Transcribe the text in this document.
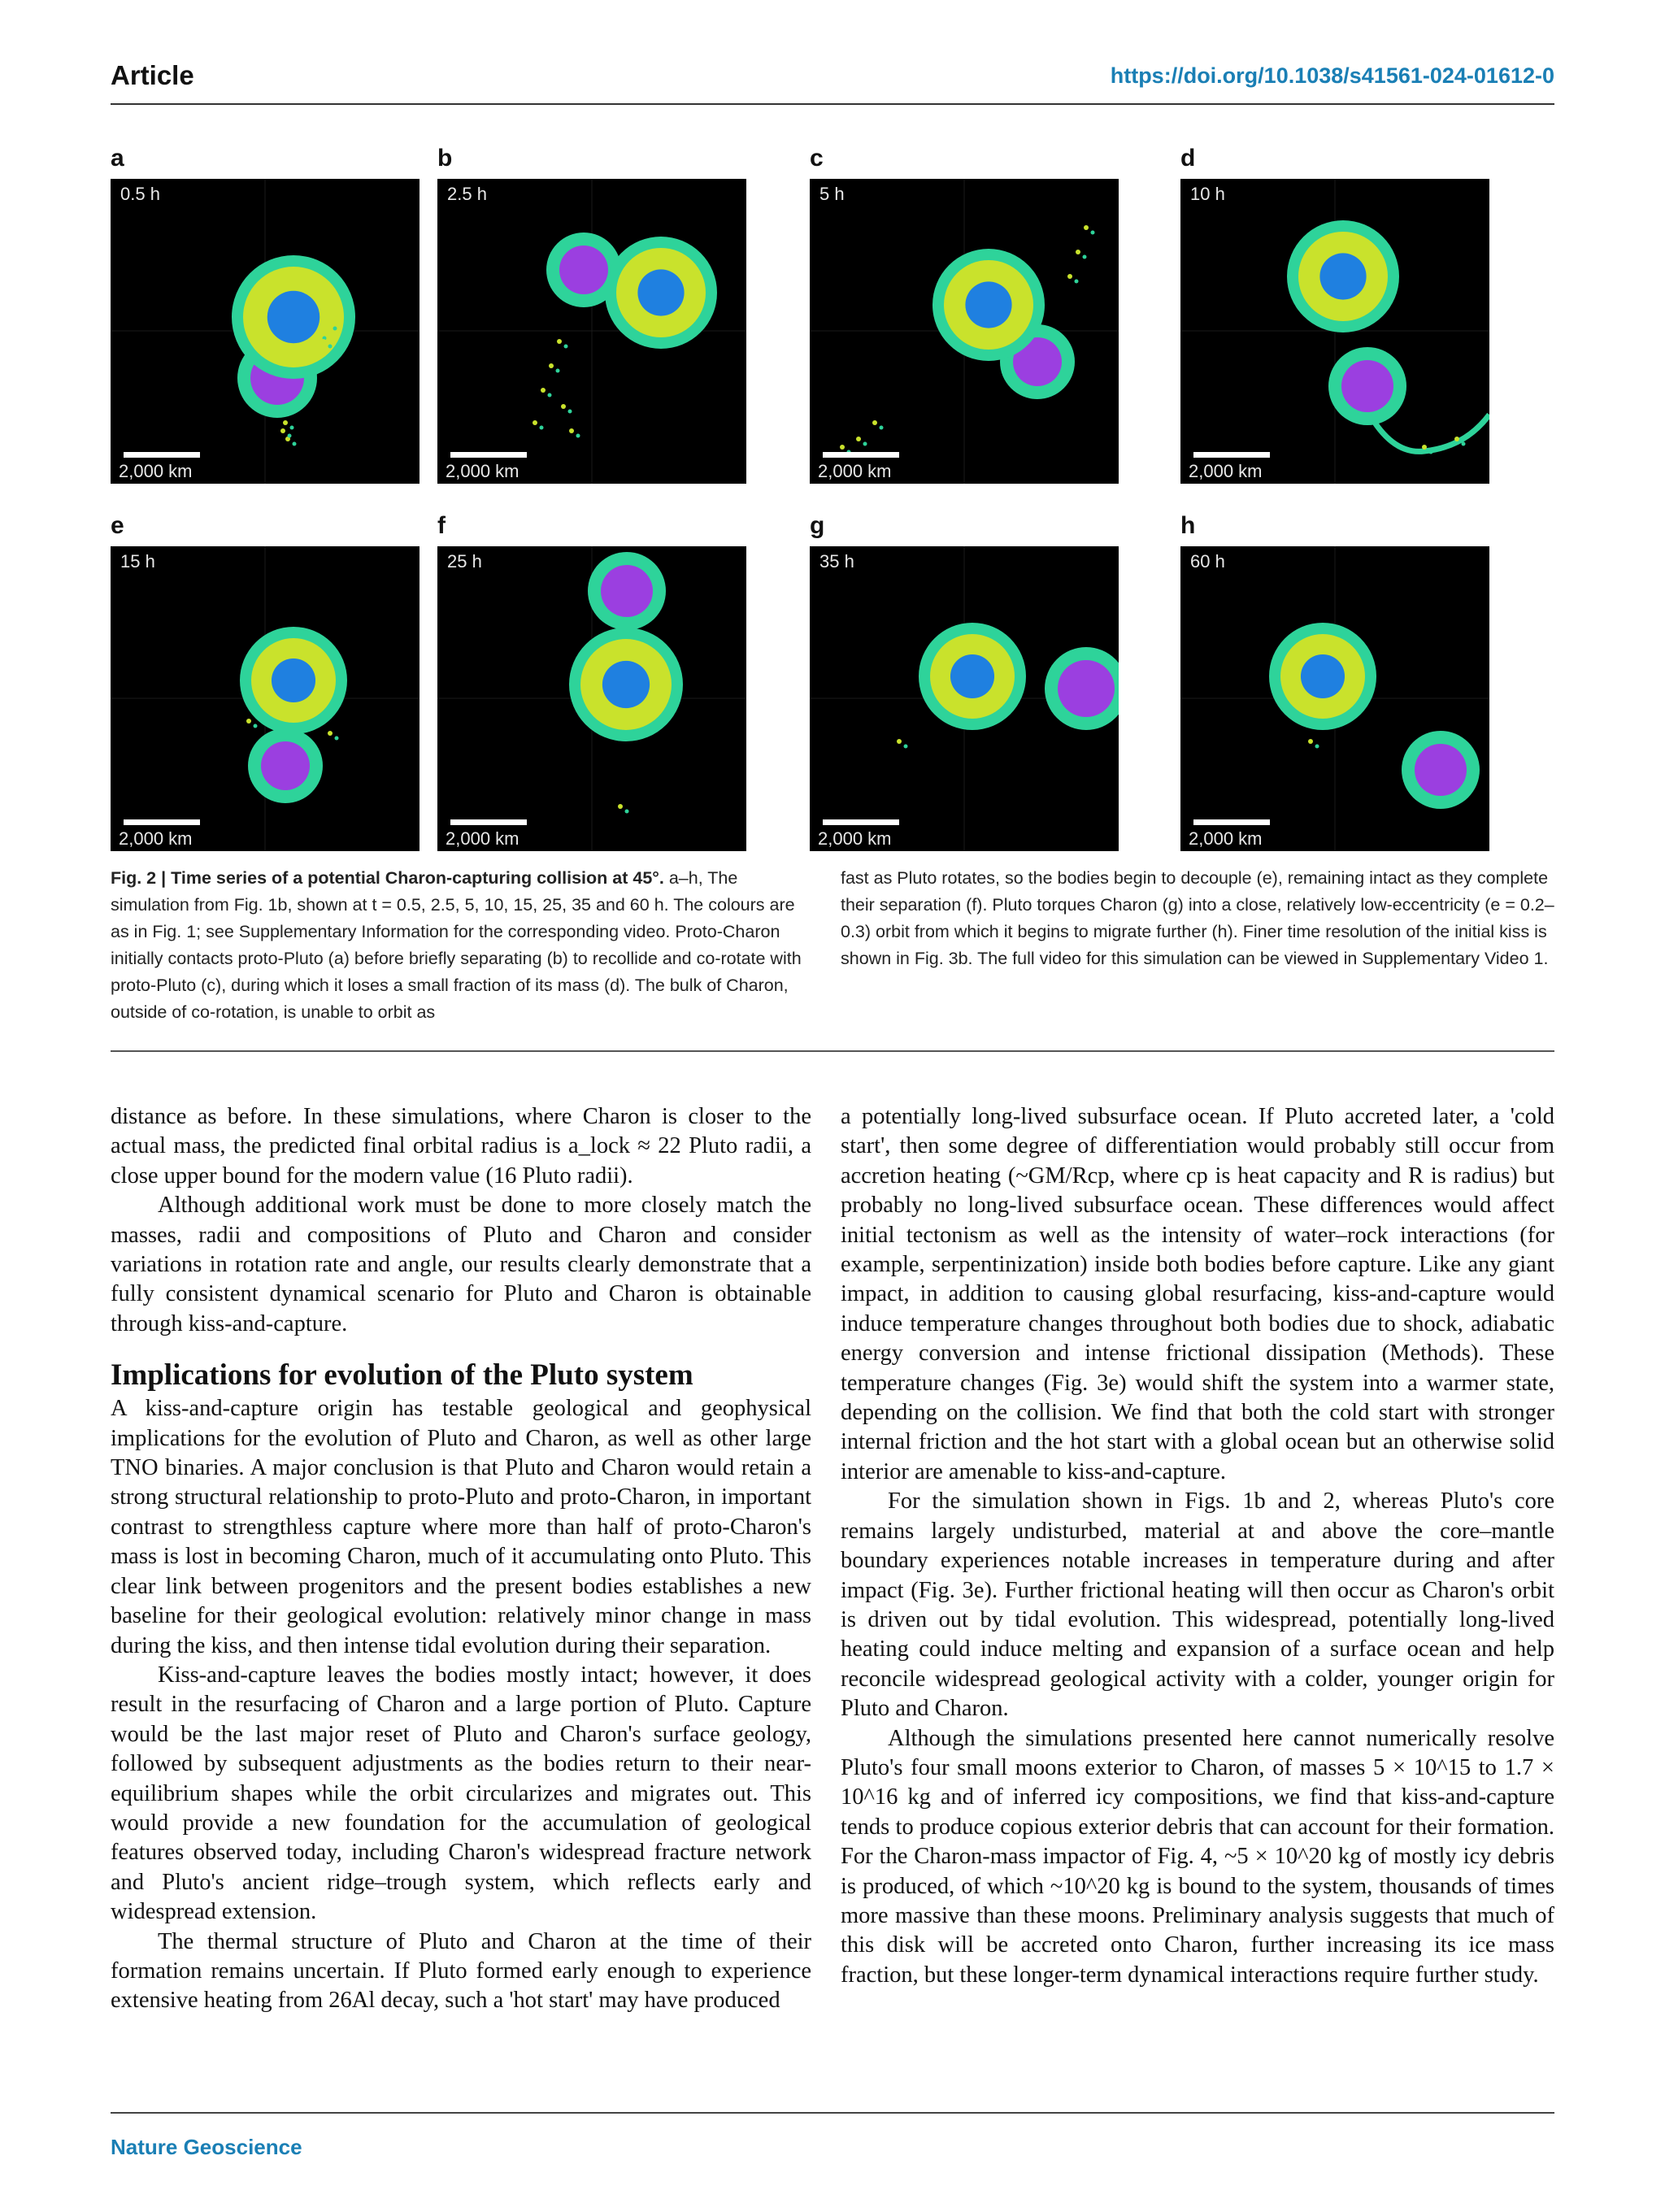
Article	https://doi.org/10.1038/s41561-024-01612-0
a
0.5 h
2,000 km
b
2.5 h
2,000 km
c
5 h
2,000 km
d
10 h
2,000 km
e
15 h
2,000 km
f
25 h
2,000 km
g
35 h
2,000 km
h
60 h
2,000 km
Fig. 2 | Time series of a potential Charon-capturing collision at 45°. a–h, The simulation from Fig. 1b, shown at t = 0.5, 2.5, 5, 10, 15, 25, 35 and 60 h. The colours are as in Fig. 1; see Supplementary Information for the corresponding video. Proto-Charon initially contacts proto-Pluto (a) before briefly separating (b) to recollide and co-rotate with proto-Pluto (c), during which it loses a small fraction of its mass (d). The bulk of Charon, outside of co-rotation, is unable to orbit as
fast as Pluto rotates, so the bodies begin to decouple (e), remaining intact as they complete their separation (f). Pluto torques Charon (g) into a close, relatively low-eccentricity (e = 0.2–0.3) orbit from which it begins to migrate further (h). Finer time resolution of the initial kiss is shown in Fig. 3b. The full video for this simulation can be viewed in Supplementary Video 1.

distance as before. In these simulations, where Charon is closer to the actual mass, the predicted final orbital radius is a_lock ≈ 22 Pluto radii, a close upper bound for the modern value (16 Pluto radii).

Although additional work must be done to more closely match the masses, radii and compositions of Pluto and Charon and consider variations in rotation rate and angle, our results clearly demonstrate that a fully consistent dynamical scenario for Pluto and Charon is obtainable through kiss-and-capture.

Implications for evolution of the Pluto system

A kiss-and-capture origin has testable geological and geophysical implications for the evolution of Pluto and Charon, as well as other large TNO binaries. A major conclusion is that Pluto and Charon would retain a strong structural relationship to proto-Pluto and proto-Charon, in important contrast to strengthless capture where more than half of proto-Charon's mass is lost in becoming Charon, much of it accumulating onto Pluto. This clear link between progenitors and the present bodies establishes a new baseline for their geological evolution: relatively minor change in mass during the kiss, and then intense tidal evolution during their separation.

Kiss-and-capture leaves the bodies mostly intact; however, it does result in the resurfacing of Charon and a large portion of Pluto. Capture would be the last major reset of Pluto and Charon's surface geology, followed by subsequent adjustments as the bodies return to their near-equilibrium shapes while the orbit circularizes and migrates out. This would provide a new foundation for the accumulation of geological features observed today, including Charon's widespread fracture network and Pluto's ancient ridge–trough system, which reflects early and widespread extension.

The thermal structure of Pluto and Charon at the time of their formation remains uncertain. If Pluto formed early enough to experience extensive heating from 26Al decay, such a 'hot start' may have produced

a potentially long-lived subsurface ocean. If Pluto accreted later, a 'cold start', then some degree of differentiation would probably still occur from accretion heating (~GM/Rcp, where cp is heat capacity and R is radius) but probably no long-lived subsurface ocean. These differences would affect initial tectonism as well as the intensity of water–rock interactions (for example, serpentinization) inside both bodies before capture. Like any giant impact, in addition to causing global resurfacing, kiss-and-capture would induce temperature changes throughout both bodies due to shock, adiabatic energy conversion and intense frictional dissipation (Methods). These temperature changes (Fig. 3e) would shift the system into a warmer state, depending on the collision. We find that both the cold start with stronger internal friction and the hot start with a global ocean but an otherwise solid interior are amenable to kiss-and-capture.

For the simulation shown in Figs. 1b and 2, whereas Pluto's core remains largely undisturbed, material at and above the core–mantle boundary experiences notable increases in temperature during and after impact (Fig. 3e). Further frictional heating will then occur as Charon's orbit is driven out by tidal evolution. This widespread, potentially long-lived heating could induce melting and expansion of a surface ocean and help reconcile widespread geological activity with a colder, younger origin for Pluto and Charon.

Although the simulations presented here cannot numerically resolve Pluto's four small moons exterior to Charon, of masses 5 × 10^15 to 1.7 × 10^16 kg and of inferred icy compositions, we find that kiss-and-capture tends to produce copious exterior debris that can account for their formation. For the Charon-mass impactor of Fig. 4, ~5 × 10^20 kg of mostly icy debris is produced, of which ~10^20 kg is bound to the system, thousands of times more massive than these moons. Preliminary analysis suggests that much of this disk will be accreted onto Charon, further increasing its ice mass fraction, but these longer-term dynamical interactions require further study.

Nature Geoscience
